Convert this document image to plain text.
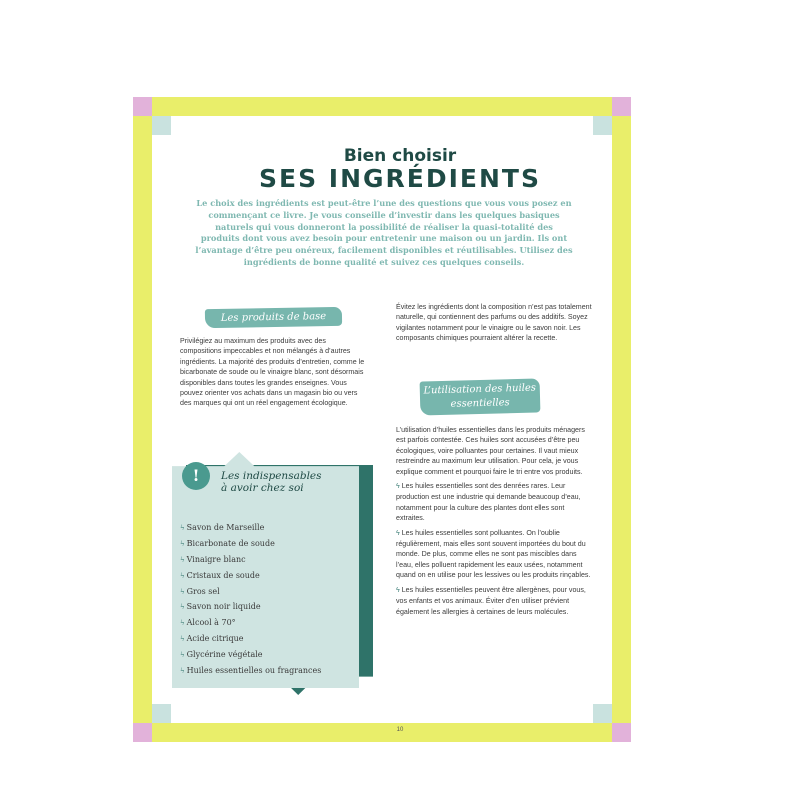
Bien choisir
SES INGRÉDIENTS

Le choix des ingrédients est peut-être l’une des questions que vous vous posez en commençant ce livre. Je vous conseille d’investir dans les quelques basiques naturels qui vous donneront la possibilité de réaliser la quasi-totalité des produits dont vous avez besoin pour entretenir une maison ou un jardin. Ils ont l’avantage d’être peu onéreux, facilement disponibles et réutilisables. Utilisez des ingrédients de bonne qualité et suivez ces quelques conseils.

Les produits de base

Privilégiez au maximum des produits avec des compositions impeccables et non mélangés à d’autres ingrédients. La majorité des produits d’entretien, comme le bicarbonate de soude ou le vinaigre blanc, sont désormais disponibles dans toutes les grandes enseignes. Vous pouvez orienter vos achats dans un magasin bio ou vers des marques qui ont un réel engagement écologique.

Évitez les ingrédients dont la composition n’est pas totalement naturelle, qui contiennent des parfums ou des additifs. Soyez vigilantes notamment pour le vinaigre ou le savon noir. Les composants chimiques pourraient altérer la recette.

L’utilisation des huiles
essentielles

L’utilisation d’huiles essentielles dans les produits ménagers est parfois contestée. Ces huiles sont accusées d’être peu écologiques, voire polluantes pour certaines. Il vaut mieux restreindre au maximum leur utilisation. Pour cela, je vous explique comment et pourquoi faire le tri entre vos produits.

ϟ Les huiles essentielles sont des denrées rares. Leur production est une industrie qui demande beaucoup d’eau, notamment pour la culture des plantes dont elles sont extraites.

ϟ Les huiles essentielles sont polluantes. On l’oublie régulièrement, mais elles sont souvent importées du bout du monde. De plus, comme elles ne sont pas miscibles dans l’eau, elles polluent rapidement les eaux usées, notamment quand on en utilise pour les lessives ou les produits rinçables.

ϟ Les huiles essentielles peuvent être allergènes, pour vous, vos enfants et vos animaux. Éviter d’en utiliser prévient également les allergies à certaines de leurs molécules.

!	Les indispensables
à avoir chez soi
ϟ Savon de Marseille
ϟ Bicarbonate de soude
ϟ Vinaigre blanc
ϟ Cristaux de soude
ϟ Gros sel
ϟ Savon noir liquide
ϟ Alcool à 70°
ϟ Acide citrique
ϟ Glycérine végétale
ϟ Huiles essentielles ou fragrances
10
